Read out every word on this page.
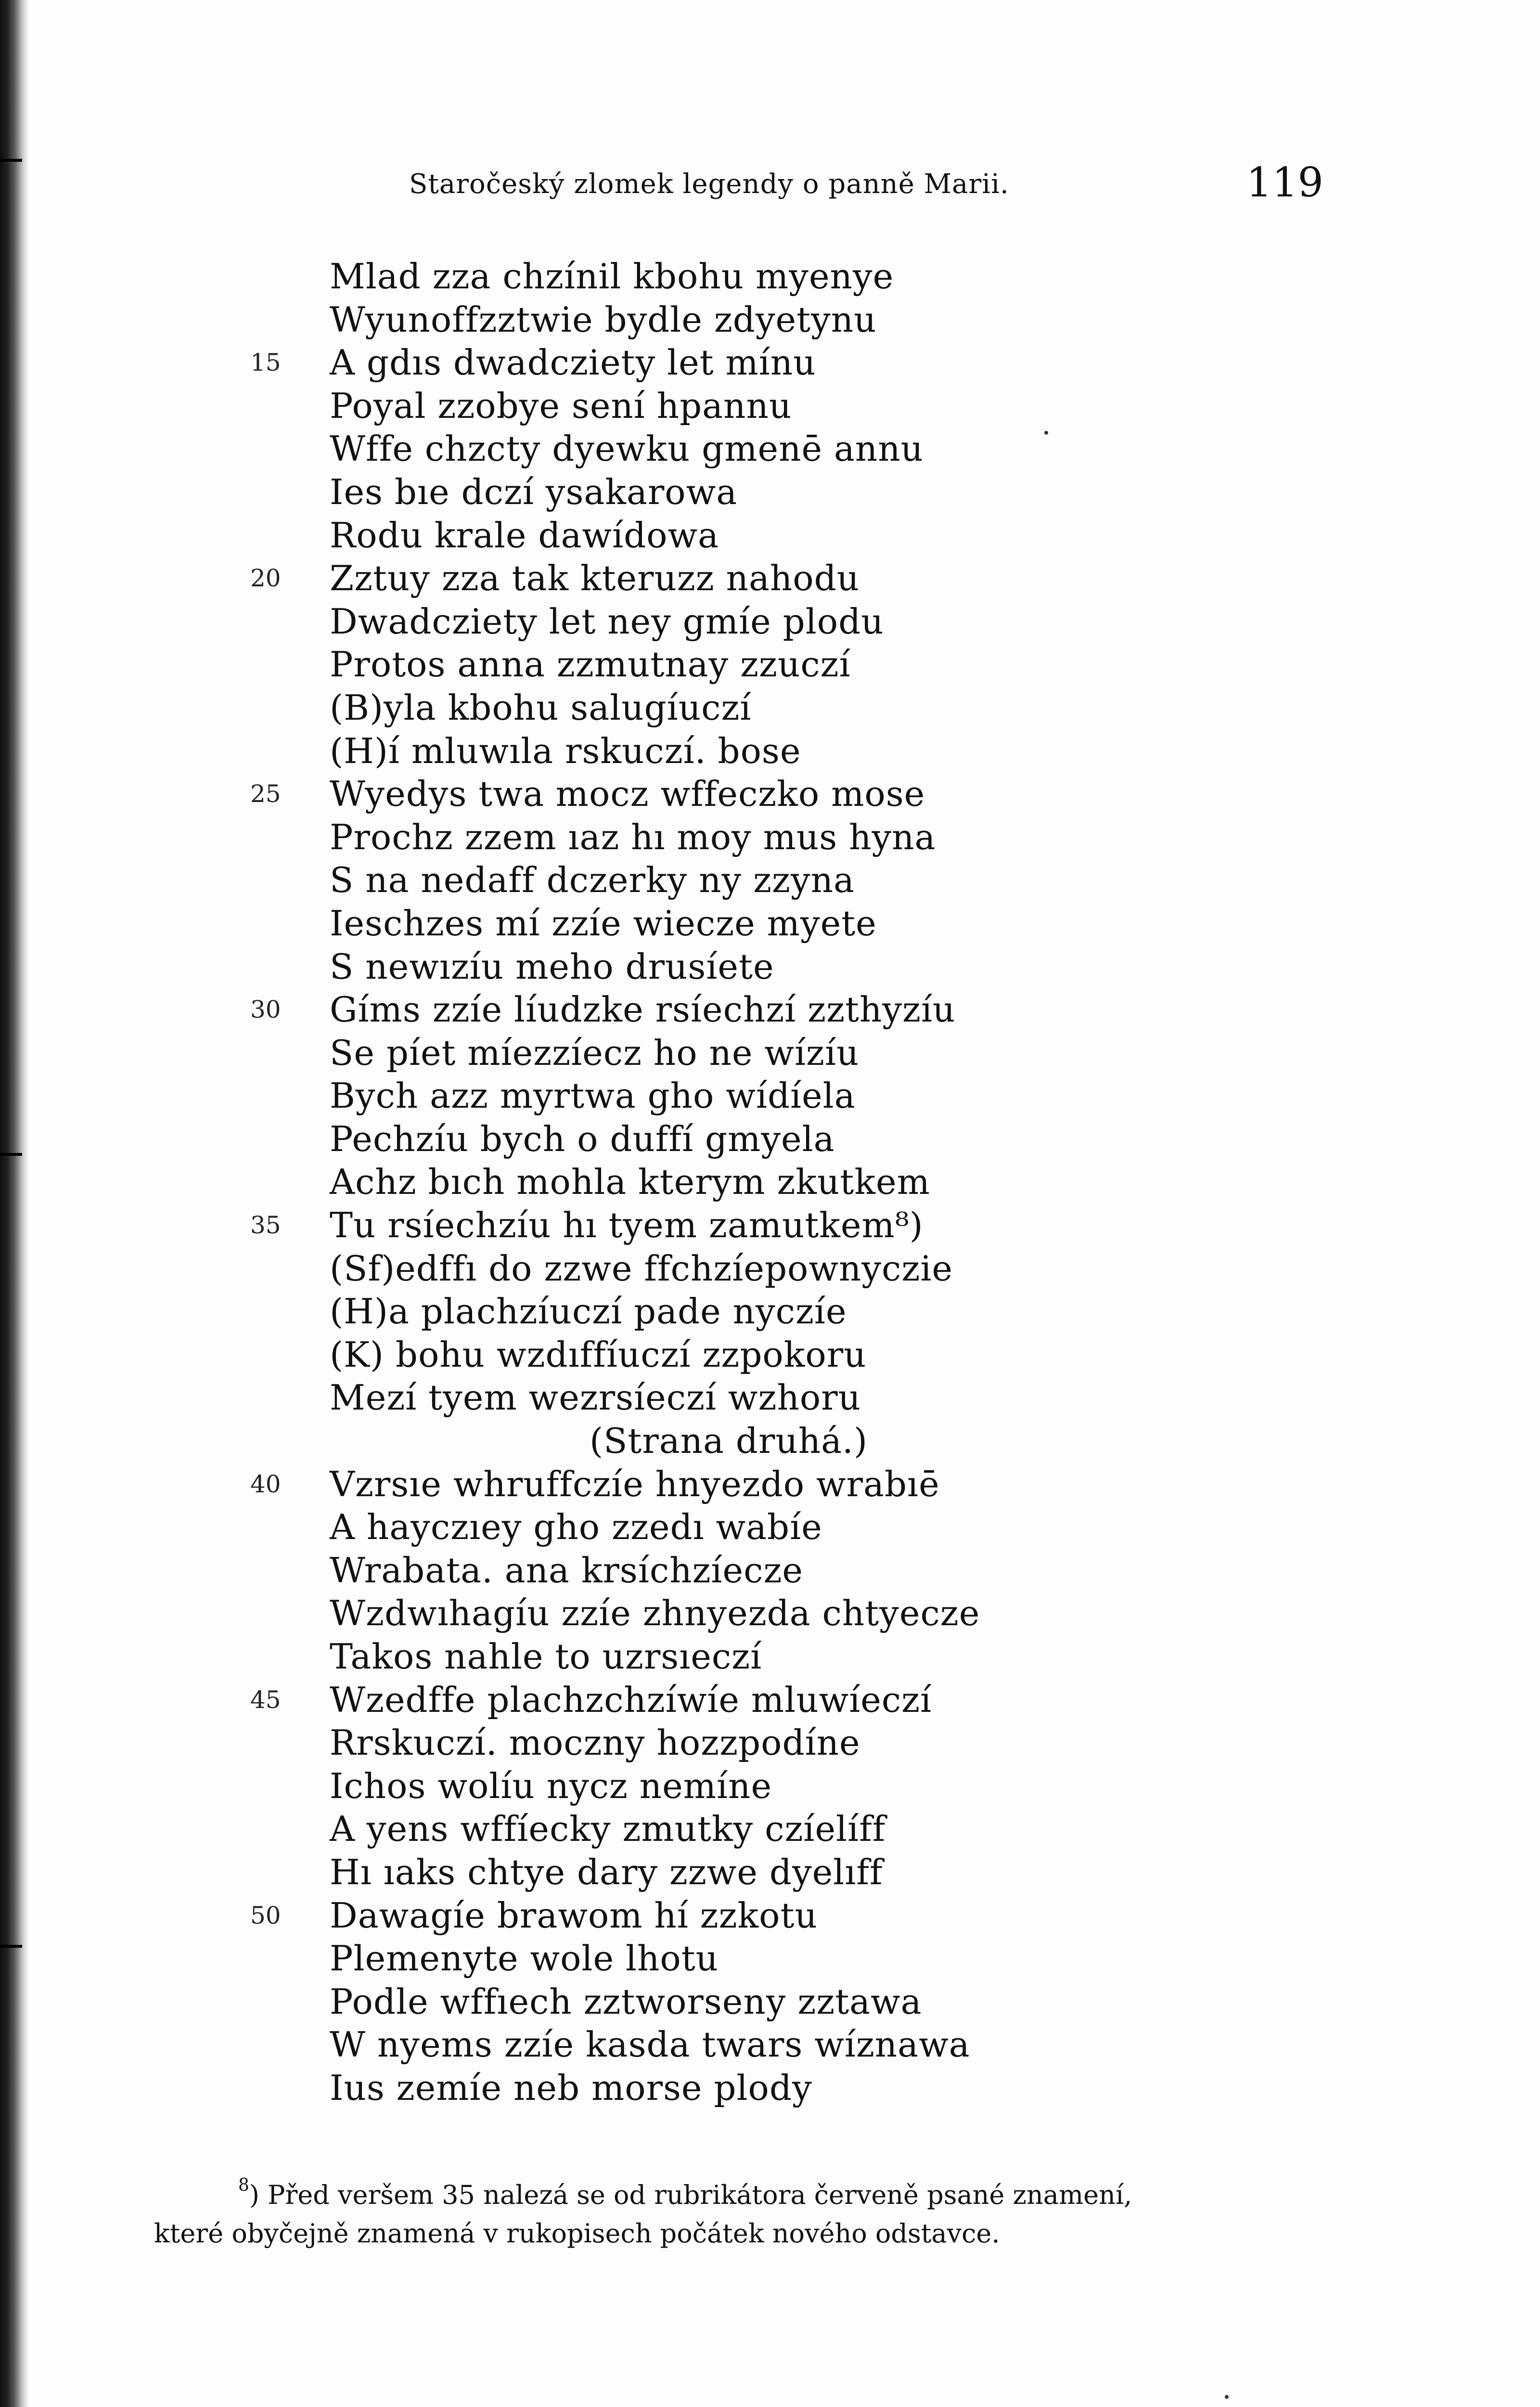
Staročeský zlomek legendy o panně Marii.	119
Mlad zza chzínil kbohu myenye
Wyunoffzztwie bydle zdyetynu
15	A gdıs dwadcziety let mínu
Poyal zzobye sení hpannu
Wffe chzcty dyewku gmenē annu
Ies bıe dczí ysakarowa
Rodu krale dawídowa
20	Zztuy zza tak kteruzz nahodu
Dwadcziety let ney gmíe plodu
Protos anna zzmutnay zzuczí
(B)yla kbohu salugíuczí
(H)í mluwıla rskuczí. bose
25	Wyedys twa mocz wffeczko mose
Prochz zzem ıaz hı moy mus hyna
S na nedaff dczerky ny zzyna
Ieschzes mí zzíe wiecze myete
S newızíu meho drusíete
30	Gíms zzíe líudzke rsíechzí zzthyzíu
Se píet míezzíecz ho ne wízíu
Bych azz myrtwa gho wídíela
Pechzíu bych o duffí gmyela
Achz bıch mohla kterym zkutkem
35	Tu rsíechzíu hı tyem zamutkem⁸)
(Sf)edffı do zzwe ffchzíepownyczie
(H)a plachzíuczí pade nyczíe
(K) bohu wzdıffíuczí zzpokoru
Mezí tyem wezrsíeczí wzhoru
(Strana druhá.)
40	Vzrsıe whruffczíe hnyezdo wrabıē
A hayczıey gho zzedı wabíe
Wrabata. ana krsíchzíecze
Wzdwıhagíu zzíe zhnyezda chtyecze
Takos nahle to uzrsıeczí
45	Wzedffe plachzchzíwíe mluwíeczí
Rrskuczí. moczny hozzpodíne
Ichos wolíu nycz nemíne
A yens wffíecky zmutky czíelíff
Hı ıaks chtye dary zzwe dyelıff
50	Dawagíe brawom hí zzkotu
Plemenyte wole lhotu
Podle wffıech zztworseny zztawa
W nyems zzíe kasda twars wíznawa
Ius zemíe neb morse plody
$^8$) Před veršem 35 nalezá se od rubrikátora červeně psané znamení,
které obyčejně znamená v rukopisech počátek nového odstavce.
